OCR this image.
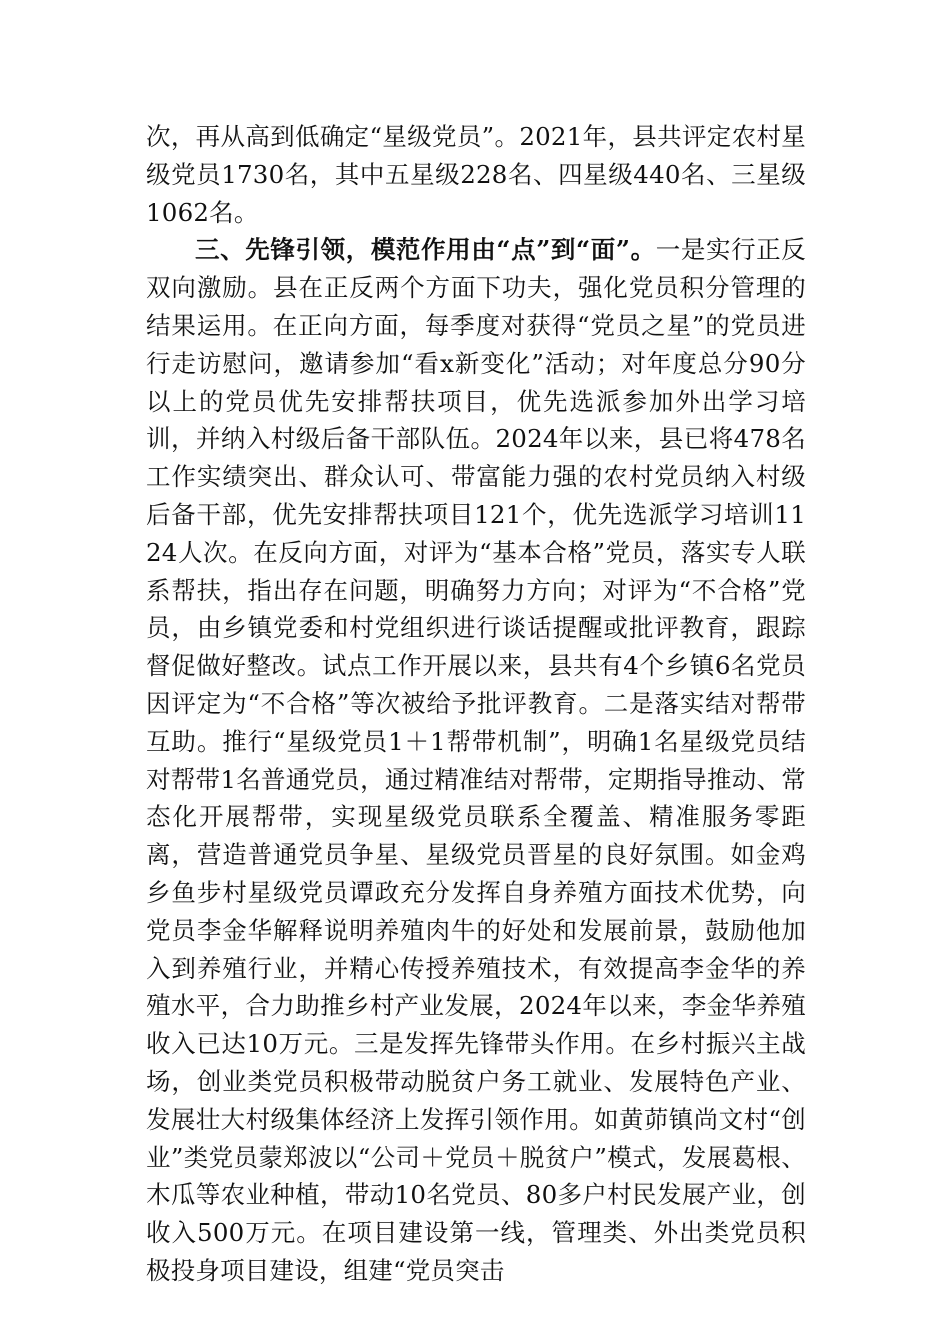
次，再从高到低确定“星级党员”。2021年，县共评定农村星级党员1730名，其中五星级228名、四星级440名、三星级1062名。

三、先锋引领，模范作用由“点”到“面”。一是实行正反双向激励。县在正反两个方面下功夫，强化党员积分管理的结果运用。在正向方面，每季度对获得“党员之星”的党员进行走访慰问，邀请参加“看x新变化”活动；对年度总分90分以上的党员优先安排帮扶项目，优先选派参加外出学习培训，并纳入村级后备干部队伍。2024年以来，县已将478名工作实绩突出、群众认可、带富能力强的农村党员纳入村级后备干部，优先安排帮扶项目121个，优先选派学习培训1124人次。在反向方面，对评为“基本合格”党员，落实专人联系帮扶，指出存在问题，明确努力方向；对评为“不合格”党员，由乡镇党委和村党组织进行谈话提醒或批评教育，跟踪督促做好整改。试点工作开展以来，县共有4个乡镇6名党员因评定为“不合格”等次被给予批评教育。二是落实结对帮带互助。推行“星级党员1＋1帮带机制”，明确1名星级党员结对帮带1名普通党员，通过精准结对帮带，定期指导推动、常态化开展帮带，实现星级党员联系全覆盖、精准服务零距离，营造普通党员争星、星级党员晋星的良好氛围。如金鸡乡鱼步村星级党员谭政充分发挥自身养殖方面技术优势，向党员李金华解释说明养殖肉牛的好处和发展前景，鼓励他加入到养殖行业，并精心传授养殖技术，有效提高李金华的养殖水平，合力助推乡村产业发展，2024年以来，李金华养殖收入已达10万元。三是发挥先锋带头作用。在乡村振兴主战场，创业类党员积极带动脱贫户务工就业、发展特色产业、发展壮大村级集体经济上发挥引领作用。如黄茆镇尚文村“创业”类党员蒙郑波以“公司＋党员＋脱贫户”模式，发展葛根、木瓜等农业种植，带动10名党员、80多户村民发展产业，创收入500万元。在项目建设第一线，管理类、外出类党员积极投身项目建设，组建“党员突击
